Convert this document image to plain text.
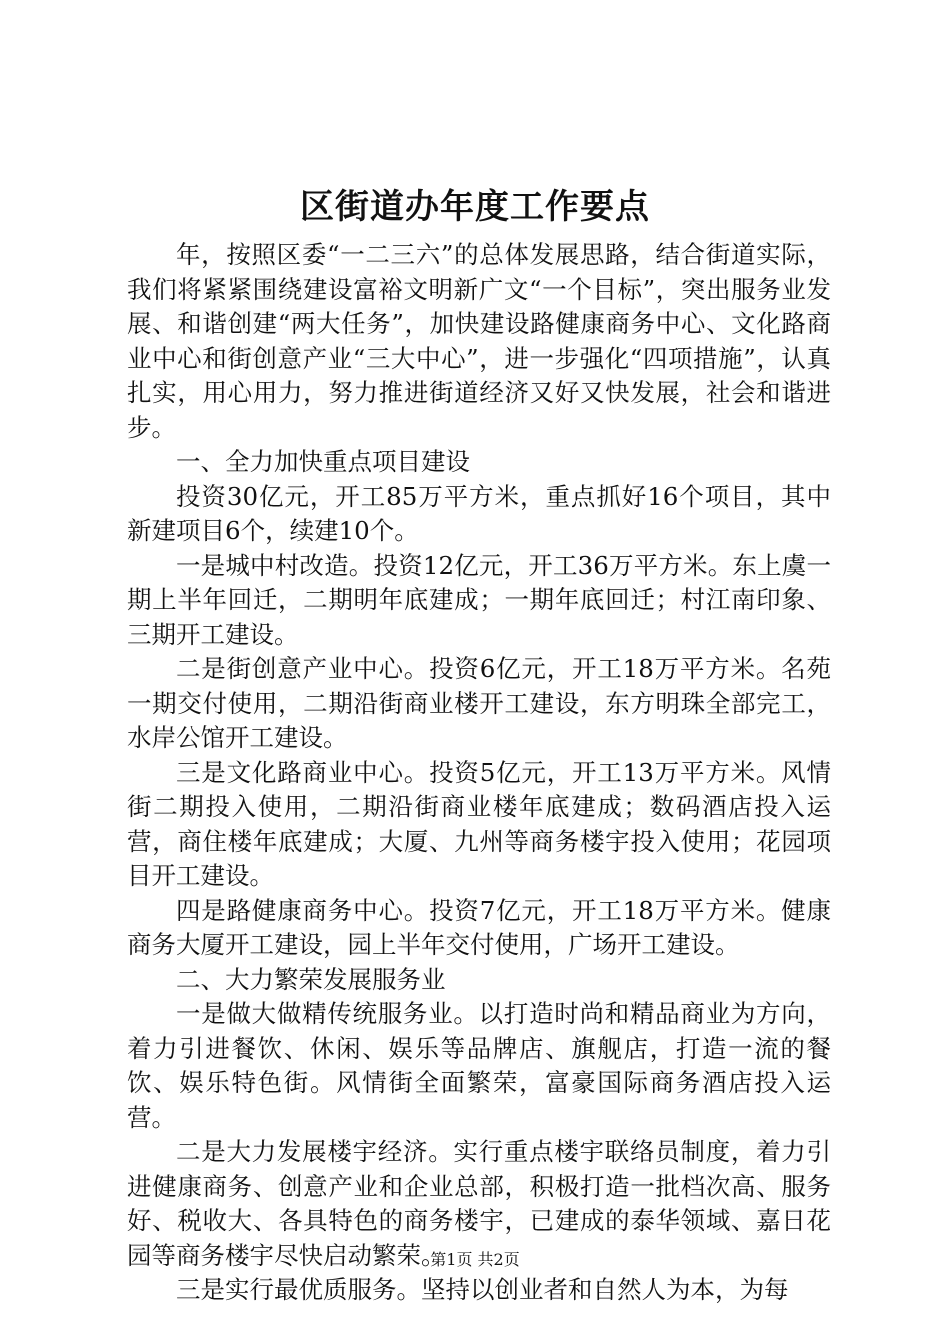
区街道办年度工作要点

年，按照区委“一二三六”的总体发展思路，结合街道实际，我们将紧紧围绕建设富裕文明新广文“一个目标”，突出服务业发展、和谐创建“两大任务”，加快建设路健康商务中心、文化路商业中心和街创意产业“三大中心”，进一步强化“四项措施”，认真扎实，用心用力，努力推进街道经济又好又快发展，社会和谐进步。

一、全力加快重点项目建设

投资30亿元，开工85万平方米，重点抓好16个项目，其中新建项目6个，续建10个。

一是城中村改造。投资12亿元，开工36万平方米。东上虞一期上半年回迁，二期明年底建成；一期年底回迁；村江南印象、三期开工建设。

二是街创意产业中心。投资6亿元，开工18万平方米。名苑一期交付使用，二期沿街商业楼开工建设，东方明珠全部完工，水岸公馆开工建设。

三是文化路商业中心。投资5亿元，开工13万平方米。风情街二期投入使用，二期沿街商业楼年底建成；数码酒店投入运营，商住楼年底建成；大厦、九州等商务楼宇投入使用；花园项目开工建设。

四是路健康商务中心。投资7亿元，开工18万平方米。健康商务大厦开工建设，园上半年交付使用，广场开工建设。

二、大力繁荣发展服务业

一是做大做精传统服务业。以打造时尚和精品商业为方向，着力引进餐饮、休闲、娱乐等品牌店、旗舰店，打造一流的餐饮、娱乐特色街。风情街全面繁荣，富豪国际商务酒店投入运营。

二是大力发展楼宇经济。实行重点楼宇联络员制度，着力引进健康商务、创意产业和企业总部，积极打造一批档次高、服务好、税收大、各具特色的商务楼宇，已建成的泰华领域、嘉日花园等商务楼宇尽快启动繁荣。

三是实行最优质服务。坚持以创业者和自然人为本，为每

第1页 共2页
